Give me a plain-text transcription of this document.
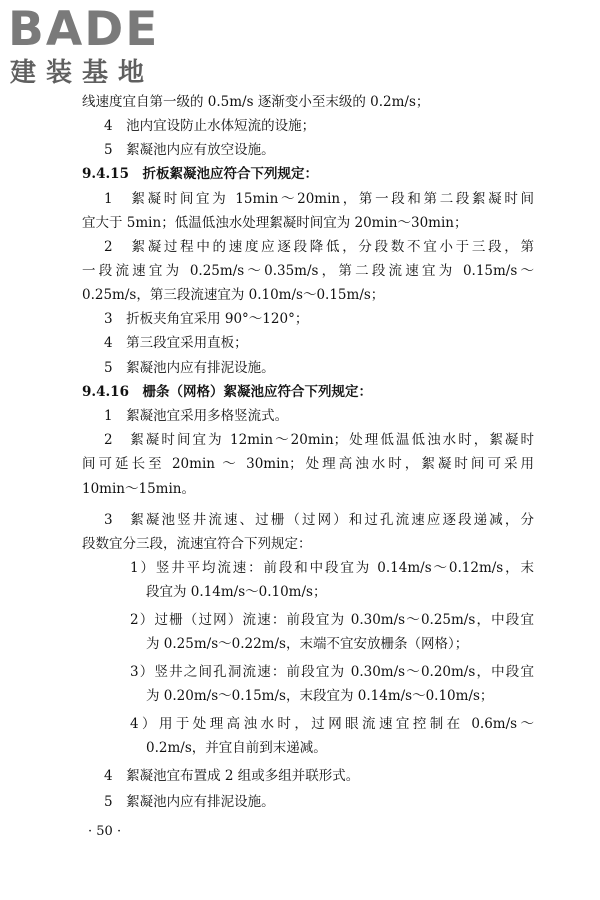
BADE
建装基地
线速度宜自第一级的 0.5m/s 逐渐变小至末级的 0.2m/s；
4　池内宜设防止水体短流的设施；
5　絮凝池内应有放空设施。
9.4.15　折板絮凝池应符合下列规定：
1　絮凝时间宜为 15min～20min，第一段和第二段絮凝时间
宜大于 5min；低温低浊水处理絮凝时间宜为 20min～30min；
2　絮凝过程中的速度应逐段降低，分段数不宜小于三段，第
一段流速宜为 0.25m/s～0.35m/s，第二段流速宜为 0.15m/s～
0.25m/s，第三段流速宜为 0.10m/s～0.15m/s；
3　折板夹角宜采用 90°～120°；
4　第三段宜采用直板；
5　絮凝池内应有排泥设施。
9.4.16　栅条（网格）絮凝池应符合下列规定：
1　絮凝池宜采用多格竖流式。
2　絮凝时间宜为 12min～20min；处理低温低浊水时，絮凝时
间可延长至 20min ～ 30min；处理高浊水时，絮凝时间可采用
10min～15min。
3　絮凝池竖井流速、过栅（过网）和过孔流速应逐段递减，分
段数宜分三段，流速宜符合下列规定：
1）竖井平均流速：前段和中段宜为 0.14m/s～0.12m/s，末
段宜为 0.14m/s～0.10m/s；
2）过栅（过网）流速：前段宜为 0.30m/s～0.25m/s，中段宜
为 0.25m/s～0.22m/s，末端不宜安放栅条（网格）；
3）竖井之间孔洞流速：前段宜为 0.30m/s～0.20m/s，中段宜
为 0.20m/s～0.15m/s，末段宜为 0.14m/s～0.10m/s；
4）用于处理高浊水时，过网眼流速宜控制在 0.6m/s～
0.2m/s，并宜自前到末递减。
4　絮凝池宜布置成 2 组或多组并联形式。
5　絮凝池内应有排泥设施。
· 50 ·
